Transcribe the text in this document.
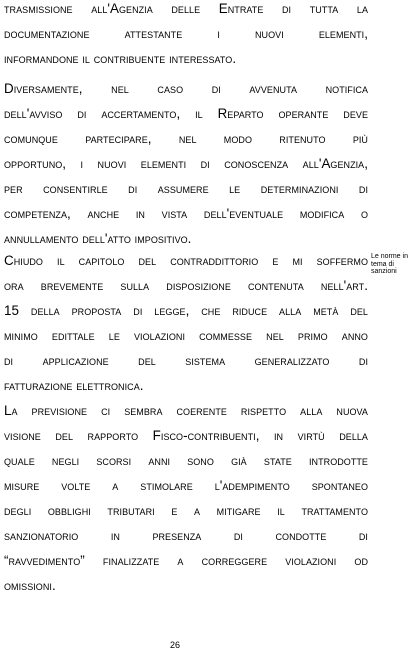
trasmissione all'Agenzia delle Entrate di tutta la
documentazione attestante i nuovi elementi,
informandone il contribuente interessato.
Diversamente, nel caso di avvenuta notifica
dell'avviso di accertamento, il Reparto operante deve
comunque partecipare, nel modo ritenuto più
opportuno, i nuovi elementi di conoscenza all'Agenzia,
per consentirle di assumere le determinazioni di
competenza, anche in vista dell'eventuale modifica o
annullamento dell'atto impositivo.
Chiudo il capitolo del contraddittorio e mi soffermo
ora brevemente sulla disposizione contenuta nell'art.
15 della proposta di legge, che riduce alla metà del
minimo edittale le violazioni commesse nel primo anno
di applicazione del sistema generalizzato di
fatturazione elettronica.
La previsione ci sembra coerente rispetto alla nuova
visione del rapporto Fisco-contribuenti, in virtù della
quale negli scorsi anni sono già state introdotte
misure volte a stimolare l'adempimento spontaneo
degli obblighi tributari e a mitigare il trattamento
sanzionatorio in presenza di condotte di
“ravvedimento” finalizzate a correggere violazioni od
omissioni.
Le norme in
tema di
sanzioni
26
